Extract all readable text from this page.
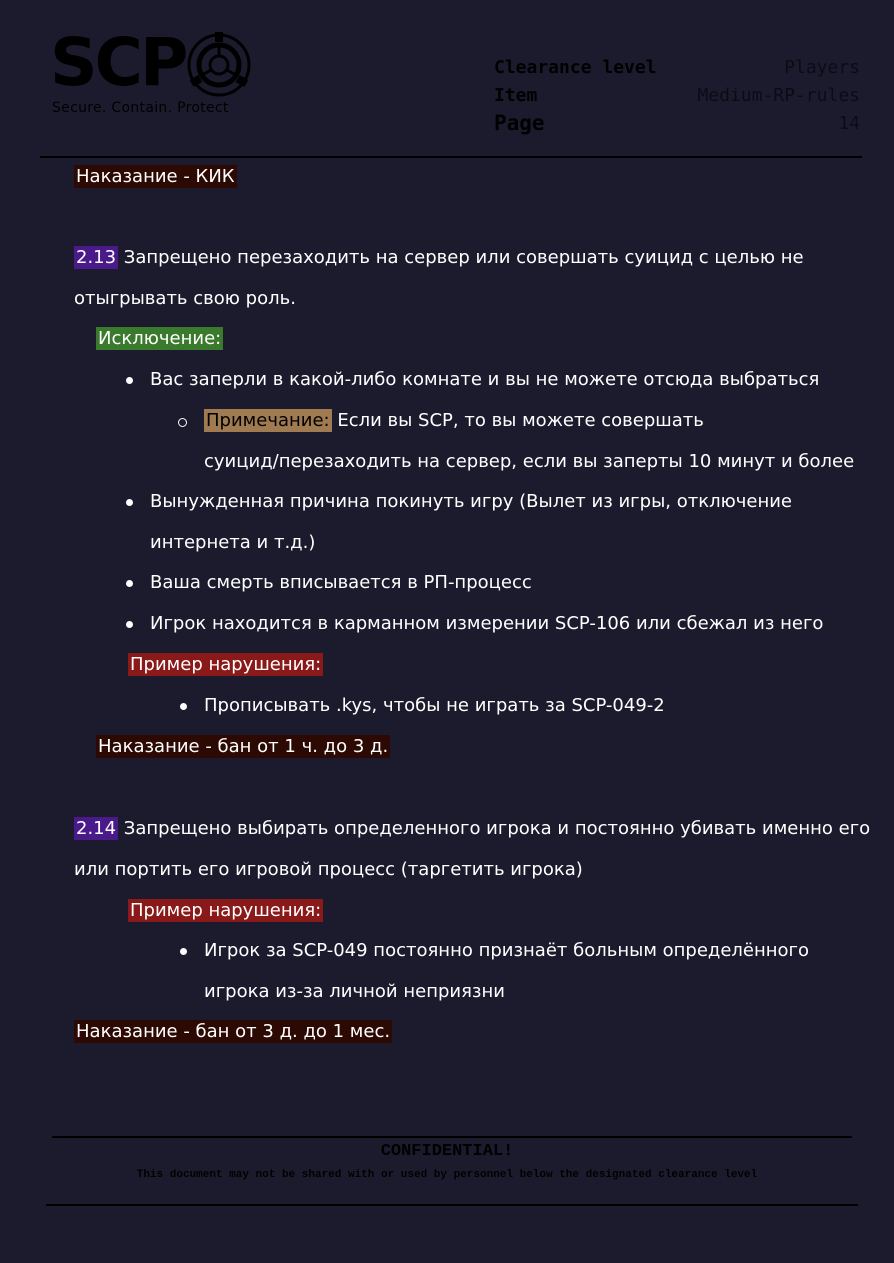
SCP
Secure. Contain. Protect
Clearance level	Players
Item	Medium-RP-rules
Page	14
Наказание - КИК
2.13 Запрещено перезаходить на сервер или совершать суицид с целью не
отыгрывать свою роль.
Исключение:
Вас заперли в какой-либо комнате и вы не можете отсюда выбраться
Примечание: Если вы SCP, то вы можете совершать
суицид/перезаходить на сервер, если вы заперты 10 минут и более
Вынужденная причина покинуть игру (Вылет из игры, отключение
интернета и т.д.)
Ваша смерть вписывается в РП-процесс
Игрок находится в карманном измерении SCP-106 или сбежал из него
Пример нарушения:
Прописывать .kys, чтобы не играть за SCP-049-2
Наказание - бан от 1 ч. до 3 д.
2.14 Запрещено выбирать определенного игрока и постоянно убивать именно его
или портить его игровой процесс (таргетить игрока)
Пример нарушения:
Игрок за SCP-049 постоянно признаёт больным определённого
игрока из-за личной неприязни
Наказание - бан от 3 д. до 1 мес.
CONFIDENTIAL!
This document may not be shared with or used by personnel below the designated clearance level
